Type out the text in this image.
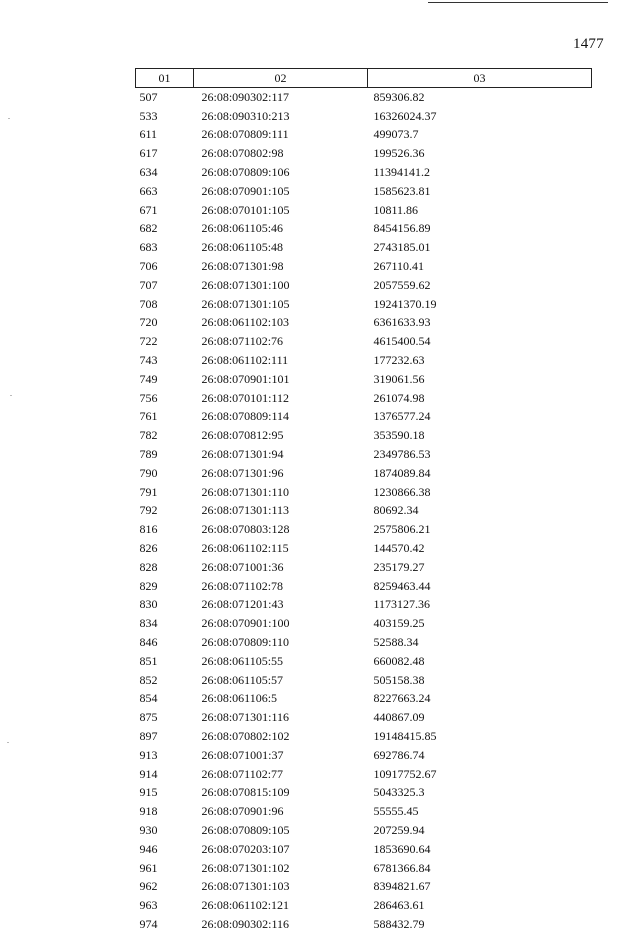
1477
01	02	03
507	26:08:090302:117	859306.82
533	26:08:090310:213	16326024.37
611	26:08:070809:111	499073.7
617	26:08:070802:98	199526.36
634	26:08:070809:106	11394141.2
663	26:08:070901:105	1585623.81
671	26:08:070101:105	10811.86
682	26:08:061105:46	8454156.89
683	26:08:061105:48	2743185.01
706	26:08:071301:98	267110.41
707	26:08:071301:100	2057559.62
708	26:08:071301:105	19241370.19
720	26:08:061102:103	6361633.93
722	26:08:071102:76	4615400.54
743	26:08:061102:111	177232.63
749	26:08:070901:101	319061.56
756	26:08:070101:112	261074.98
761	26:08:070809:114	1376577.24
782	26:08:070812:95	353590.18
789	26:08:071301:94	2349786.53
790	26:08:071301:96	1874089.84
791	26:08:071301:110	1230866.38
792	26:08:071301:113	80692.34
816	26:08:070803:128	2575806.21
826	26:08:061102:115	144570.42
828	26:08:071001:36	235179.27
829	26:08:071102:78	8259463.44
830	26:08:071201:43	1173127.36
834	26:08:070901:100	403159.25
846	26:08:070809:110	52588.34
851	26:08:061105:55	660082.48
852	26:08:061105:57	505158.38
854	26:08:061106:5	8227663.24
875	26:08:071301:116	440867.09
897	26:08:070802:102	19148415.85
913	26:08:071001:37	692786.74
914	26:08:071102:77	10917752.67
915	26:08:070815:109	5043325.3
918	26:08:070901:96	55555.45
930	26:08:070809:105	207259.94
946	26:08:070203:107	1853690.64
961	26:08:071301:102	6781366.84
962	26:08:071301:103	8394821.67
963	26:08:061102:121	286463.61
974	26:08:090302:116	588432.79
